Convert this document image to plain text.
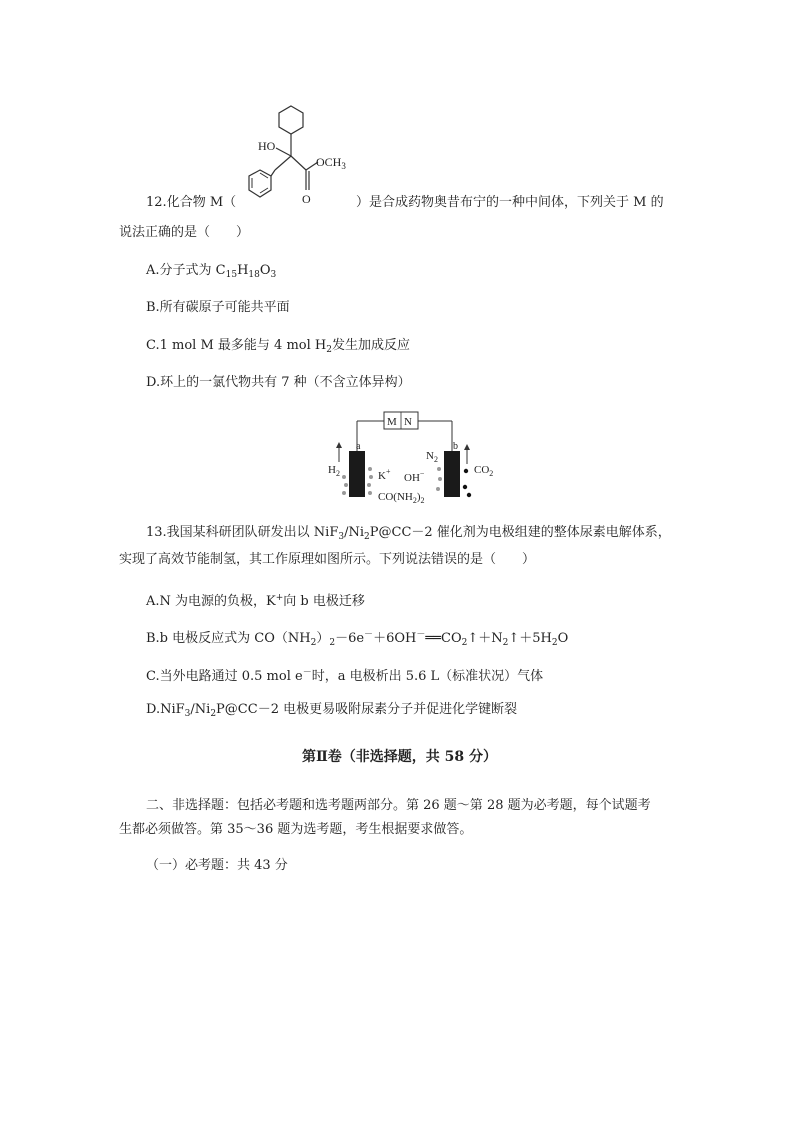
HO
O
$OCH_3$
12.化合物 M（	）是合成药物奥昔布宁的一种中间体，下列关于 M 的
说法正确的是（　　）
A.分子式为 $C_{15}H_{18}O_3$
B.所有碳原子可能共平面
C.1 mol M 最多能与 4 mol $H_2$发生加成反应
D.环上的一氯代物共有 7 种（不含立体异构）
M N
a	b
$H_2$
$N_2$
$CO_2$
K+
OH−
$CO(NH_2)_2$
13.我国某科研团队研发出以 $NiF_3/Ni_2P@CC-2$ 催化剂为电极组建的整体尿素电解体系，
实现了高效节能制氢，其工作原理如图所示。下列说法错误的是（　　）
A.N 为电源的负极，K+向 b 电极迁移
B.b 电极反应式为 $CO(NH_2)_2-6e^-+6OH^-══CO_2↑+N_2↑+5H_2O$
C.当外电路通过 0.5 mol e－时，a 电极析出 5.6 L（标准状况）气体
$D.NiF_3/Ni_2P@CC-2$ 电极更易吸附尿素分子并促进化学键断裂
第Ⅱ卷（非选择题，共 58 分）
二、非选择题：包括必考题和选考题两部分。第 26 题～第 28 题为必考题，每个试题考
生都必须做答。第 35～36 题为选考题，考生根据要求做答。
（一）必考题：共 43 分
